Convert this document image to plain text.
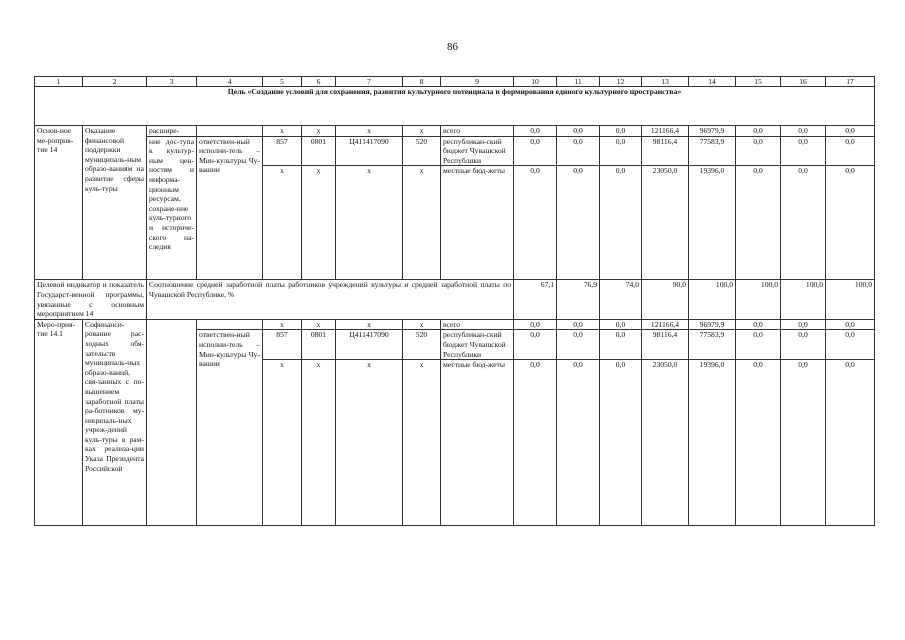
86
1	2	3	4	5	6	7	8	9	10	11	12	13	14	15	16	17
Цель «Создание условий для сохранения, развития культурного потенциала и формирования единого культурного пространства»																
Основ-ное ме-роприя-тие 14	Оказание финансовой поддержки муниципаль-ным образо-ваниям на развитие сферы куль-туры	расшире-		x	x	x	x	всего	0,0	0,0	0,0	121166,4	96979,9	0,0	0,0	0,0
		ние дос-тупа к культур-ным цен-ностям и информа-ционным ресурсам, сохране-ние куль-турного и историче-ского на-следия	ответствен-ный исполни-тель – Мин-культуры Чу-вашии	857	0801	Ц411417090	520	республикан-ский бюджет Чувашской Республики	0,0	0,0	0,0	98116,4	77583,9	0,0	0,0	0,0
				x	x	x	x	местные бюд-жеты	0,0	0,0	0,0	23050,0	19396,0	0,0	0,0	0,0

Целевой индикатор и показатель Государст-венной программы, увязанные с основным мероприятием 14		Соотношение средней заработной платы работников учреждений культуры и средней заработной платы по Чувашской Республике, %							67,1	76,9	74,0	90,0	100,0	100,0	100,0	100,0
Меро-прия-тие 14.1	Софинанси-рование рас-ходных обя-зательств муниципаль-ных образо-ваний, свя-занных с по-вышением заработной платы ра-ботников му-ниципаль-ных учреж-дений куль-туры в рам-ках реализа-ции Указа Президента Российской			x	x	x	x	всего	0,0	0,0	0,0	121166,4	96979,9	0,0	0,0	0,0
			ответствен-ный исполни-тель – Мин-культуры Чу-вашии	857	0801	Ц411417090	520	республикан-ский бюджет Чувашской Республики	0,0	0,0	0,0	98116,4	77583,9	0,0	0,0	0,0
				x	x	x	x	местные бюд-жеты	0,0	0,0	0,0	23050,0	19396,0	0,0	0,0	0,0
